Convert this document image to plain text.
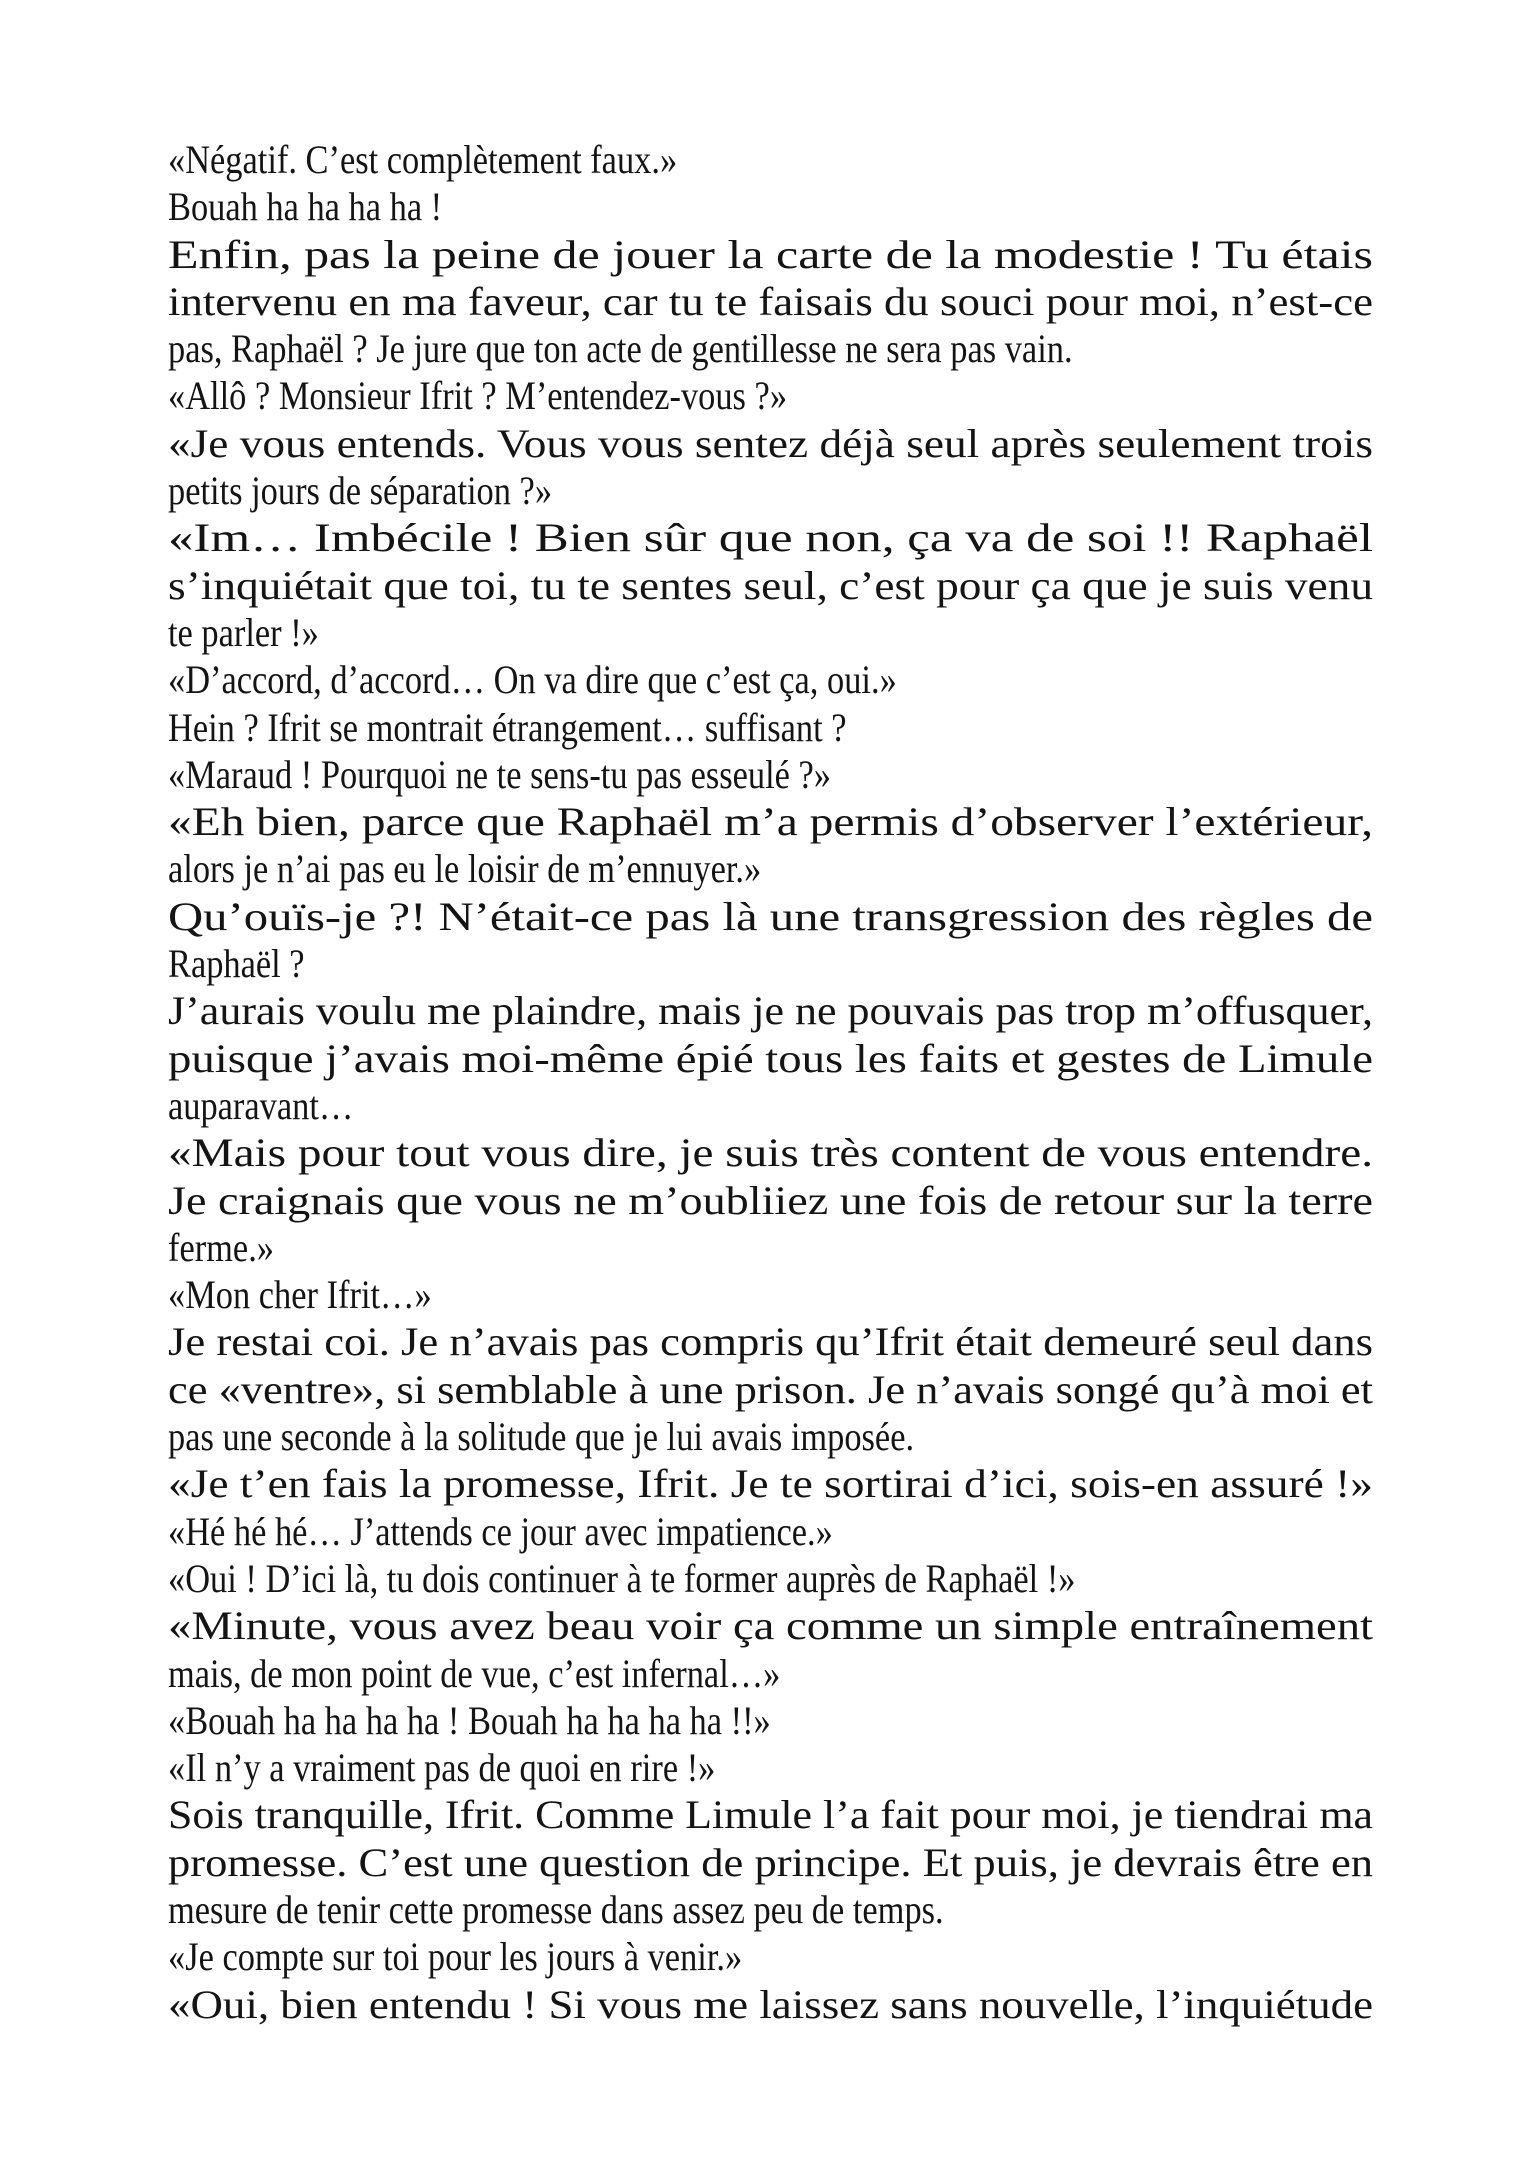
«Négatif. C’est complètement faux.»
Bouah ha ha ha ha !
Enfin, pas la peine de jouer la carte de la modestie ! Tu étais
intervenu en ma faveur, car tu te faisais du souci pour moi, n’est-ce
pas, Raphaël ? Je jure que ton acte de gentillesse ne sera pas vain.
«Allô ? Monsieur Ifrit ? M’entendez-vous ?»
«Je vous entends. Vous vous sentez déjà seul après seulement trois
petits jours de séparation ?»
«Im… Imbécile ! Bien sûr que non, ça va de soi !! Raphaël
s’inquiétait que toi, tu te sentes seul, c’est pour ça que je suis venu
te parler !»
«D’accord, d’accord… On va dire que c’est ça, oui.»
Hein ? Ifrit se montrait étrangement… suffisant ?
«Maraud ! Pourquoi ne te sens-tu pas esseulé ?»
«Eh bien, parce que Raphaël m’a permis d’observer l’extérieur,
alors je n’ai pas eu le loisir de m’ennuyer.»
Qu’ouïs-je ?! N’était-ce pas là une transgression des règles de
Raphaël ?
J’aurais voulu me plaindre, mais je ne pouvais pas trop m’offusquer,
puisque j’avais moi-même épié tous les faits et gestes de Limule
auparavant…
«Mais pour tout vous dire, je suis très content de vous entendre.
Je craignais que vous ne m’oubliiez une fois de retour sur la terre
ferme.»
«Mon cher Ifrit…»
Je restai coi. Je n’avais pas compris qu’Ifrit était demeuré seul dans
ce «ventre», si semblable à une prison. Je n’avais songé qu’à moi et
pas une seconde à la solitude que je lui avais imposée.
«Je t’en fais la promesse, Ifrit. Je te sortirai d’ici, sois-en assuré !»
«Hé hé hé… J’attends ce jour avec impatience.»
«Oui ! D’ici là, tu dois continuer à te former auprès de Raphaël !»
«Minute, vous avez beau voir ça comme un simple entraînement
mais, de mon point de vue, c’est infernal…»
«Bouah ha ha ha ha ! Bouah ha ha ha ha !!»
«Il n’y a vraiment pas de quoi en rire !»
Sois tranquille, Ifrit. Comme Limule l’a fait pour moi, je tiendrai ma
promesse. C’est une question de principe. Et puis, je devrais être en
mesure de tenir cette promesse dans assez peu de temps.
«Je compte sur toi pour les jours à venir.»
«Oui, bien entendu ! Si vous me laissez sans nouvelle, l’inquiétude
